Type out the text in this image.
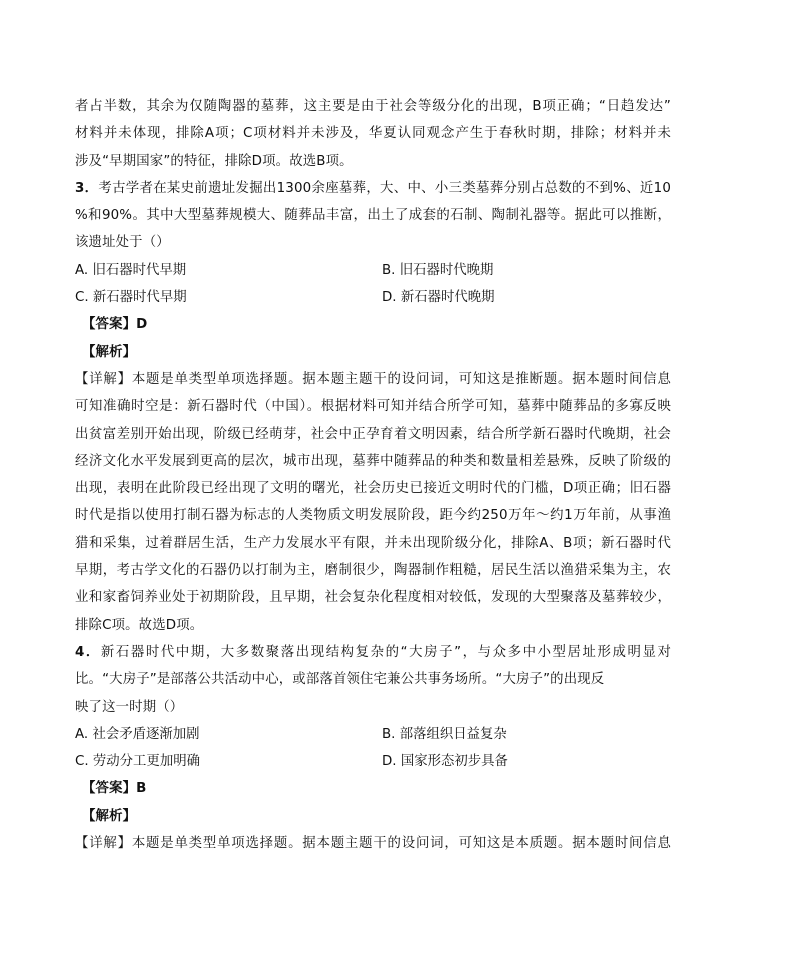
者占半数，其余为仅随陶器的墓葬，这主要是由于社会等级分化的出现，B项正确；“日趋发达”
材料并未体现，排除A项；C项材料并未涉及，华夏认同观念产生于春秋时期，排除；材料并未
涉及“早期国家”的特征，排除D项。故选B项。
3．考古学者在某史前遗址发掘出1300余座墓葬，大、中、小三类墓葬分别占总数的不到%、近10
%和90%。其中大型墓葬规模大、随葬品丰富，出土了成套的石制、陶制礼器等。据此可以推断，
该遗址处于（）
A. 旧石器时代早期	B. 旧石器时代晚期
C. 新石器时代早期	D. 新石器时代晚期
【答案】D
【解析】
【详解】本题是单类型单项选择题。据本题主题干的设问词，可知这是推断题。据本题时间信息
可知准确时空是：新石器时代（中国）。根据材料可知并结合所学可知，墓葬中随葬品的多寡反映
出贫富差别开始出现，阶级已经萌芽，社会中正孕育着文明因素，结合所学新石器时代晚期，社会
经济文化水平发展到更高的层次，城市出现，墓葬中随葬品的种类和数量相差悬殊，反映了阶级的
出现，表明在此阶段已经出现了文明的曙光，社会历史已接近文明时代的门槛，D项正确；旧石器
时代是指以使用打制石器为标志的人类物质文明发展阶段，距今约250万年～约1万年前，从事渔
猎和采集，过着群居生活，生产力发展水平有限，并未出现阶级分化，排除A、B项；新石器时代
早期，考古学文化的石器仍以打制为主，磨制很少，陶器制作粗糙，居民生活以渔猎采集为主，农
业和家畜饲养业处于初期阶段，且早期，社会复杂化程度相对较低，发现的大型聚落及墓葬较少，
排除C项。故选D项。
4．新石器时代中期，大多数聚落出现结构复杂的“大房子”，与众多中小型居址形成明显对
比。“大房子”是部落公共活动中心，或部落首领住宅兼公共事务场所。“大房子”的出现反
映了这一时期（）
A. 社会矛盾逐渐加剧	B. 部落组织日益复杂
C. 劳动分工更加明确	D. 国家形态初步具备
【答案】B
【解析】
【详解】本题是单类型单项选择题。据本题主题干的设问词，可知这是本质题。据本题时间信息
